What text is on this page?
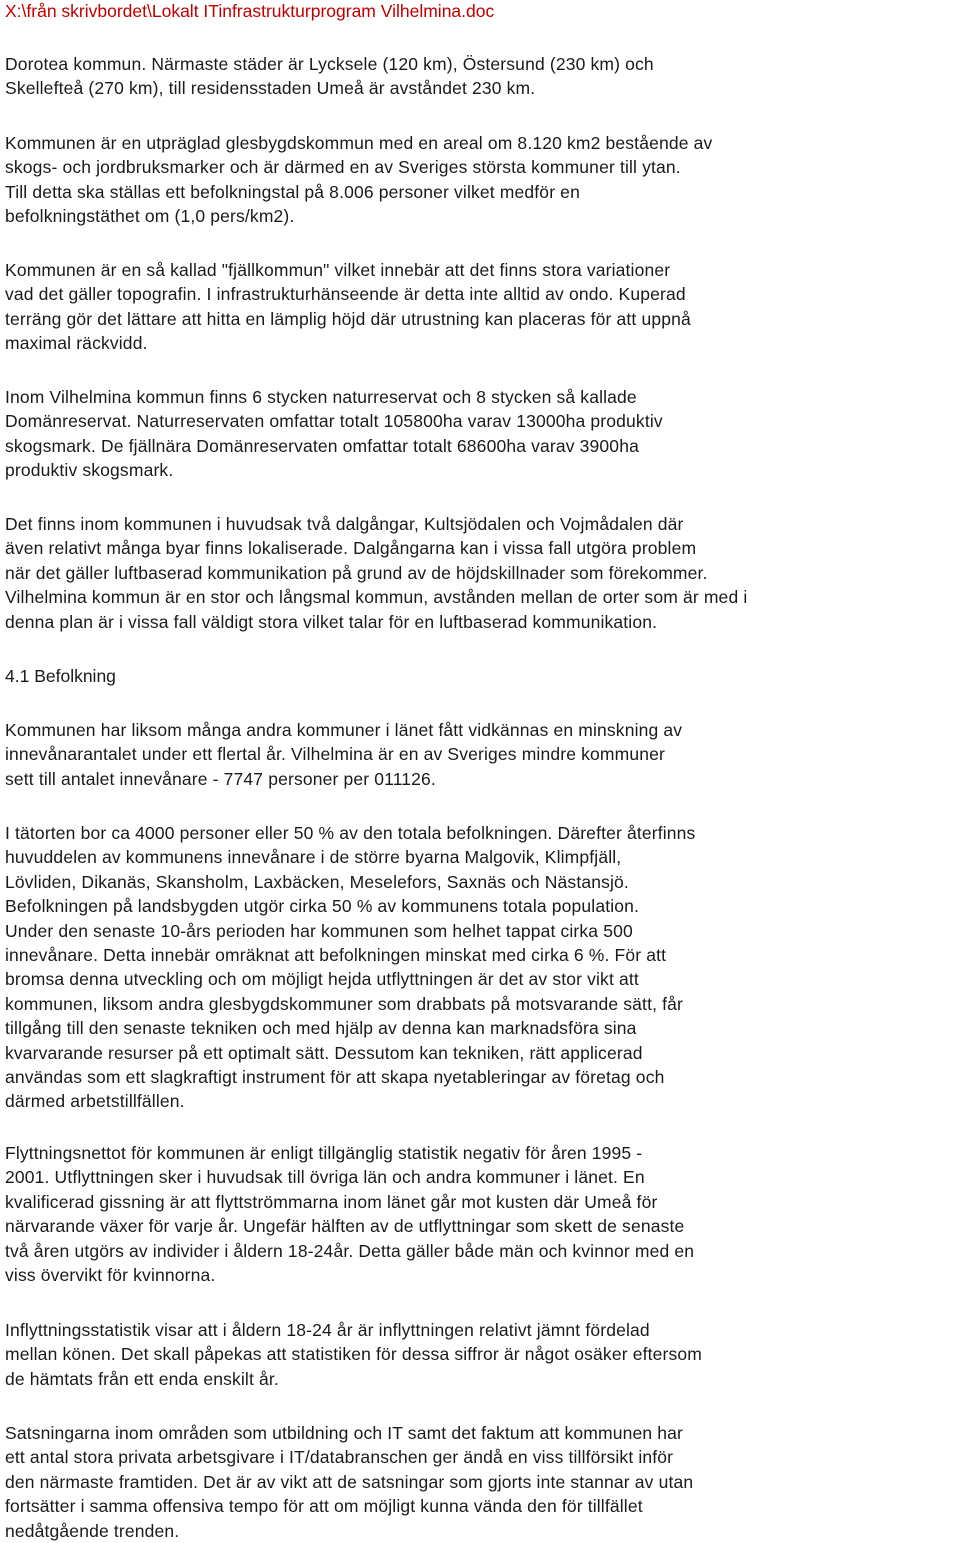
X:\från skrivbordet\Lokalt ITinfrastrukturprogram Vilhelmina.doc
Dorotea kommun. Närmaste städer är Lycksele (120 km), Östersund (230 km) och
Skellefteå (270 km), till residensstaden Umeå är avståndet 230 km.
Kommunen är en utpräglad glesbygdskommun med en areal om 8.120 km2 bestående av
skogs- och jordbruksmarker och är därmed en av Sveriges största kommuner till ytan.
Till detta ska ställas ett befolkningstal på 8.006 personer vilket medför en
befolkningstäthet om (1,0 pers/km2).
Kommunen är en så kallad "fjällkommun" vilket innebär att det finns stora variationer
vad det gäller topografin. I infrastrukturhänseende är detta inte alltid av ondo. Kuperad
terräng gör det lättare att hitta en lämplig höjd där utrustning kan placeras för att uppnå
maximal räckvidd.
Inom Vilhelmina kommun finns 6 stycken naturreservat och 8 stycken så kallade
Domänreservat. Naturreservaten omfattar totalt 105800ha varav 13000ha produktiv
skogsmark. De fjällnära Domänreservaten omfattar totalt 68600ha varav 3900ha
produktiv skogsmark.
Det finns inom kommunen i huvudsak två dalgångar, Kultsjödalen och Vojmådalen där
även relativt många byar finns lokaliserade. Dalgångarna kan i vissa fall utgöra problem
när det gäller luftbaserad kommunikation på grund av de höjdskillnader som förekommer.
Vilhelmina kommun är en stor och långsmal kommun, avstånden mellan de orter som är med i
denna plan är i vissa fall väldigt stora vilket talar för en luftbaserad kommunikation.
4.1 Befolkning
Kommunen har liksom många andra kommuner i länet fått vidkännas en minskning av
innevånarantalet under ett flertal år. Vilhelmina är en av Sveriges mindre kommuner
sett till antalet innevånare - 7747 personer per 011126.
I tätorten bor ca 4000 personer eller 50 % av den totala befolkningen. Därefter återfinns
huvuddelen av kommunens innevånare i de större byarna Malgovik, Klimpfjäll,
Lövliden, Dikanäs, Skansholm, Laxbäcken, Meselefors, Saxnäs och Nästansjö.
Befolkningen på landsbygden utgör cirka 50 % av kommunens totala population.
Under den senaste 10-års perioden har kommunen som helhet tappat cirka 500
innevånare. Detta innebär omräknat att befolkningen minskat med cirka 6 %. För att
bromsa denna utveckling och om möjligt hejda utflyttningen är det av stor vikt att
kommunen, liksom andra glesbygdskommuner som drabbats på motsvarande sätt, får
tillgång till den senaste tekniken och med hjälp av denna kan marknadsföra sina
kvarvarande resurser på ett optimalt sätt. Dessutom kan tekniken, rätt applicerad
användas som ett slagkraftigt instrument för att skapa nyetableringar av företag och
därmed arbetstillfällen.
Flyttningsnettot för kommunen är enligt tillgänglig statistik negativ för åren 1995 -
2001. Utflyttningen sker i huvudsak till övriga län och andra kommuner i länet. En
kvalificerad gissning är att flyttströmmarna inom länet går mot kusten där Umeå för
närvarande växer för varje år. Ungefär hälften av de utflyttningar som skett de senaste
två åren utgörs av individer i åldern 18-24år. Detta gäller både män och kvinnor med en
viss övervikt för kvinnorna.
Inflyttningsstatistik visar att i åldern 18-24 år är inflyttningen relativt jämnt fördelad
mellan könen. Det skall påpekas att statistiken för dessa siffror är något osäker eftersom
de hämtats från ett enda enskilt år.
Satsningarna inom områden som utbildning och IT samt det faktum att kommunen har
ett antal stora privata arbetsgivare i IT/databranschen ger ändå en viss tillförsikt inför
den närmaste framtiden. Det är av vikt att de satsningar som gjorts inte stannar av utan
fortsätter i samma offensiva tempo för att om möjligt kunna vända den för tillfället
nedåtgående trenden.
